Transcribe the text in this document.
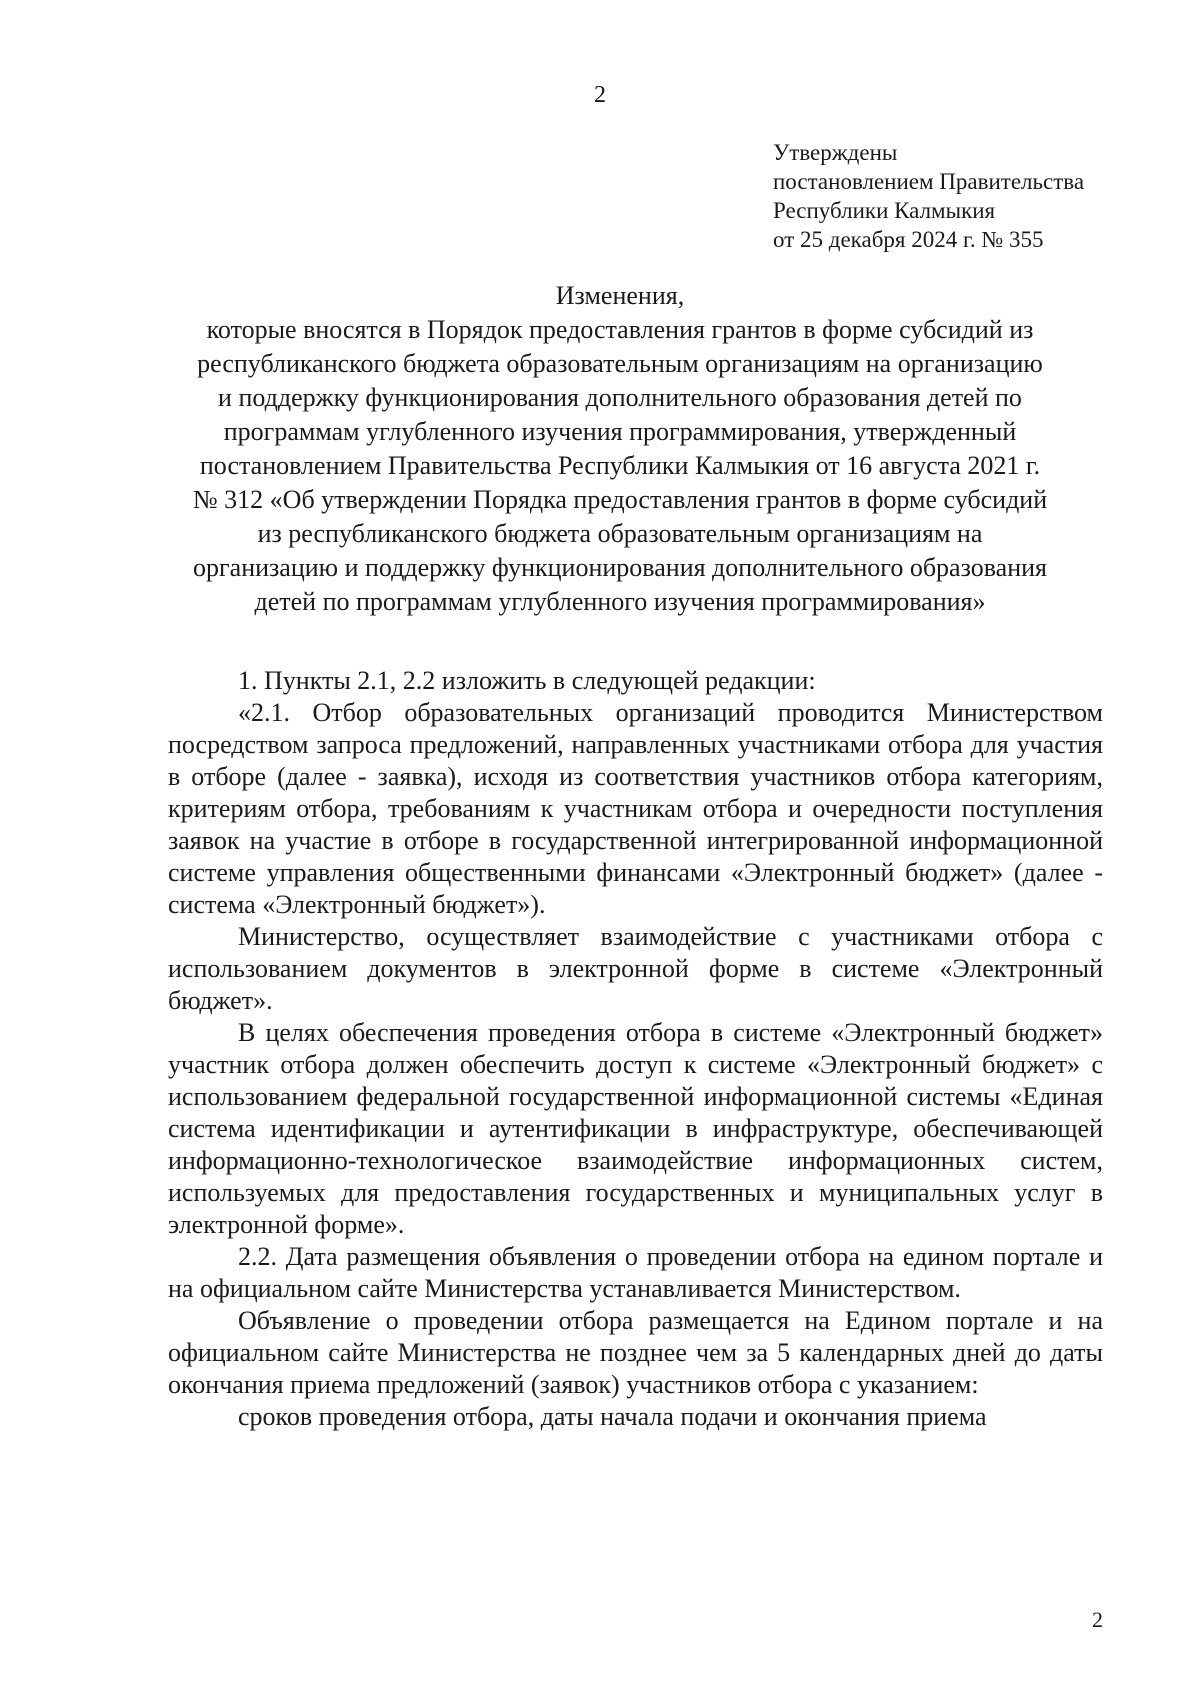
2
Утверждены
постановлением Правительства
Республики Калмыкия
от 25 декабря 2024 г. № 355
Изменения,
которые вносятся в Порядок предоставления грантов в форме субсидий из
республиканского бюджета образовательным организациям на организацию
и поддержку функционирования дополнительного образования детей по
программам углубленного изучения программирования, утвержденный
постановлением Правительства Республики Калмыкия от 16 августа 2021 г.
№ 312 «Об утверждении Порядка предоставления грантов в форме субсидий
из республиканского бюджета образовательным организациям на
организацию и поддержку функционирования дополнительного образования
детей по программам углубленного изучения программирования»

1. Пункты 2.1, 2.2 изложить в следующей редакции:

«2.1. Отбор образовательных организаций проводится Министерством посредством запроса предложений, направленных участниками отбора для участия в отборе (далее - заявка), исходя из соответствия участников отбора категориям, критериям отбора, требованиям к участникам отбора и очередности поступления заявок на участие в отборе в государственной интегрированной информационной системе управления общественными финансами «Электронный бюджет» (далее - система «Электронный бюджет»).

Министерство, осуществляет взаимодействие с участниками отбора с использованием документов в электронной форме в системе «Электронный бюджет».

В целях обеспечения проведения отбора в системе «Электронный бюджет» участник отбора должен обеспечить доступ к системе «Электронный бюджет» с использованием федеральной государственной информационной системы «Единая система идентификации и аутентификации в инфраструктуре, обеспечивающей информационно-технологическое взаимодействие информационных систем, используемых для предоставления государственных и муниципальных услуг в электронной форме».

2.2. Дата размещения объявления о проведении отбора на едином портале и на официальном сайте Министерства устанавливается Министерством.

Объявление о проведении отбора размещается на Едином портале и на официальном сайте Министерства не позднее чем за 5 календарных дней до даты окончания приема предложений (заявок) участников отбора с указанием:

сроков проведения отбора, даты начала подачи и окончания приема

2
